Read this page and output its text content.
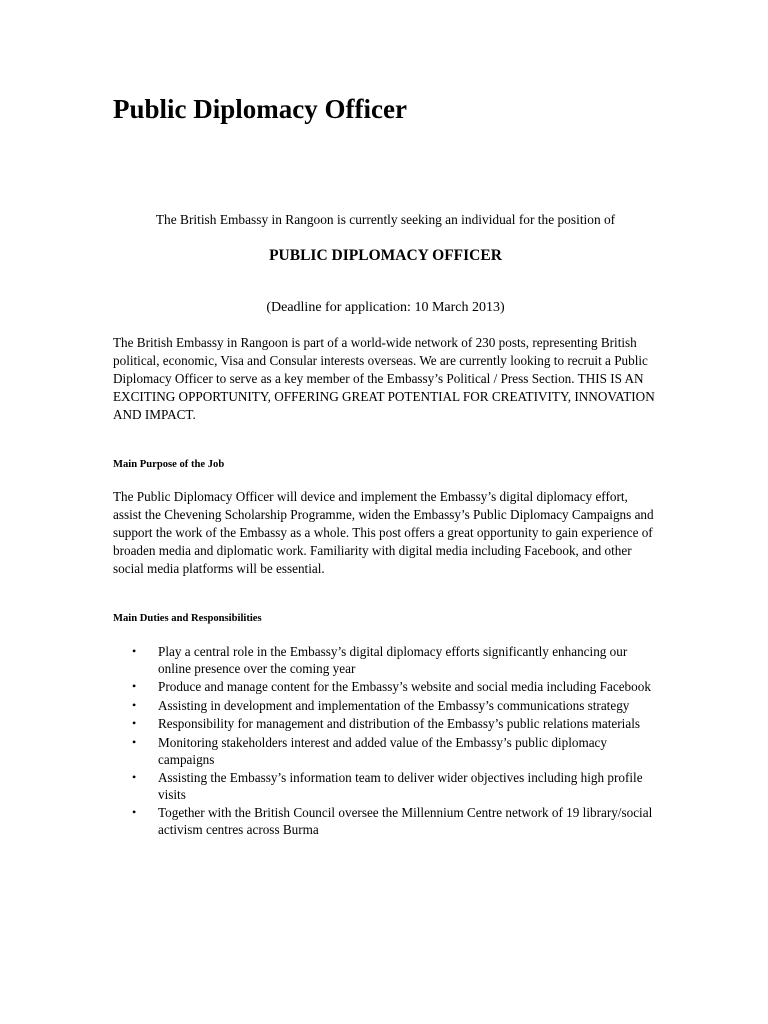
Public Diplomacy Officer
The British Embassy in Rangoon is currently seeking an individual for the position of
PUBLIC DIPLOMACY OFFICER
(Deadline for application: 10 March 2013)

The British Embassy in Rangoon is part of a world-wide network of 230 posts, representing British political, economic, Visa and Consular interests overseas. We are currently looking to recruit a Public Diplomacy Officer to serve as a key member of the Embassy’s Political / Press Section. THIS IS AN EXCITING OPPORTUNITY, OFFERING GREAT POTENTIAL FOR CREATIVITY, INNOVATION AND IMPACT.

Main Purpose of the Job

The Public Diplomacy Officer will device and implement the Embassy’s digital diplomacy effort, assist the Chevening Scholarship Programme, widen the Embassy’s Public Diplomacy Campaigns and support the work of the Embassy as a whole. This post offers a great opportunity to gain experience of broaden media and diplomatic work. Familiarity with digital media including Facebook, and other social media platforms will be essential.

Main Duties and Responsibilities
• Play a central role in the Embassy’s digital diplomacy efforts significantly enhancing our online presence over the coming year
• Produce and manage content for the Embassy’s website and social media including Facebook
• Assisting in development and implementation of the Embassy’s communications strategy
• Responsibility for management and distribution of the Embassy’s public relations materials
• Monitoring stakeholders interest and added value of the Embassy’s public diplomacy campaigns
• Assisting the Embassy’s information team to deliver wider objectives including high profile visits
• Together with the British Council oversee the Millennium Centre network of 19 library/social activism centres across Burma
